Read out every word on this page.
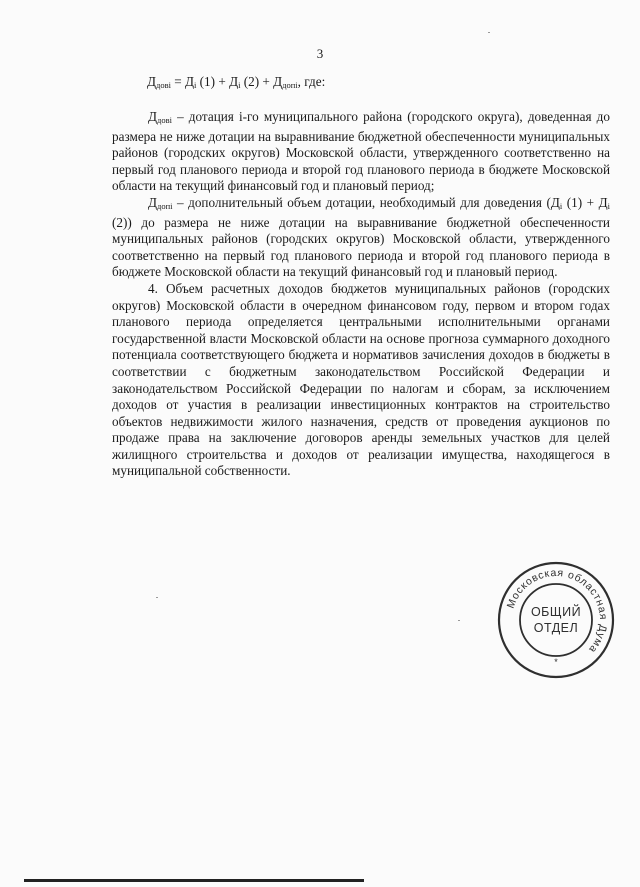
3
$Д_{довi} = Д_i$ $(1) + Д_i$ $(2) + Д_{допi}$, где:

$Д_{довi}$ – дотация i-го муниципального района (городского округа), доведенная до размера не ниже дотации на выравнивание бюджетной обеспеченности муниципальных районов (городских округов) Московской области, утвержденного соответственно на первый год планового периода и второй год планового периода в бюджете Московской области на текущий финансовый год и плановый период;

$Д_{допi}$ – дополнительный объем дотации, необходимый для доведения ($Д_i$ $(1) + Д_i$ (2)) до размера не ниже дотации на выравнивание бюджетной обеспеченности муниципальных районов (городских округов) Московской области, утвержденного соответственно на первый год планового периода и второй год планового периода в бюджете Московской области на текущий финансовый год и плановый период.

4. Объем расчетных доходов бюджетов муниципальных районов (городских округов) Московской области в очередном финансовом году, первом и втором годах планового периода определяется центральными исполнительными органами государственной власти Московской области на основе прогноза суммарного доходного потенциала соответствующего бюджета и нормативов зачисления доходов в бюджеты в соответствии с бюджетным законодательством Российской Федерации и законодательством Российской Федерации по налогам и сборам, за исключением доходов от участия в реализации инвестиционных контрактов на строительство объектов недвижимости жилого назначения, средств от проведения аукционов по продаже права на заключение договоров аренды земельных участков для целей жилищного строительства и доходов от реализации имущества, находящегося в муниципальной собственности.

Московская областная Дума
*
ОБЩИЙ
ОТДЕЛ
